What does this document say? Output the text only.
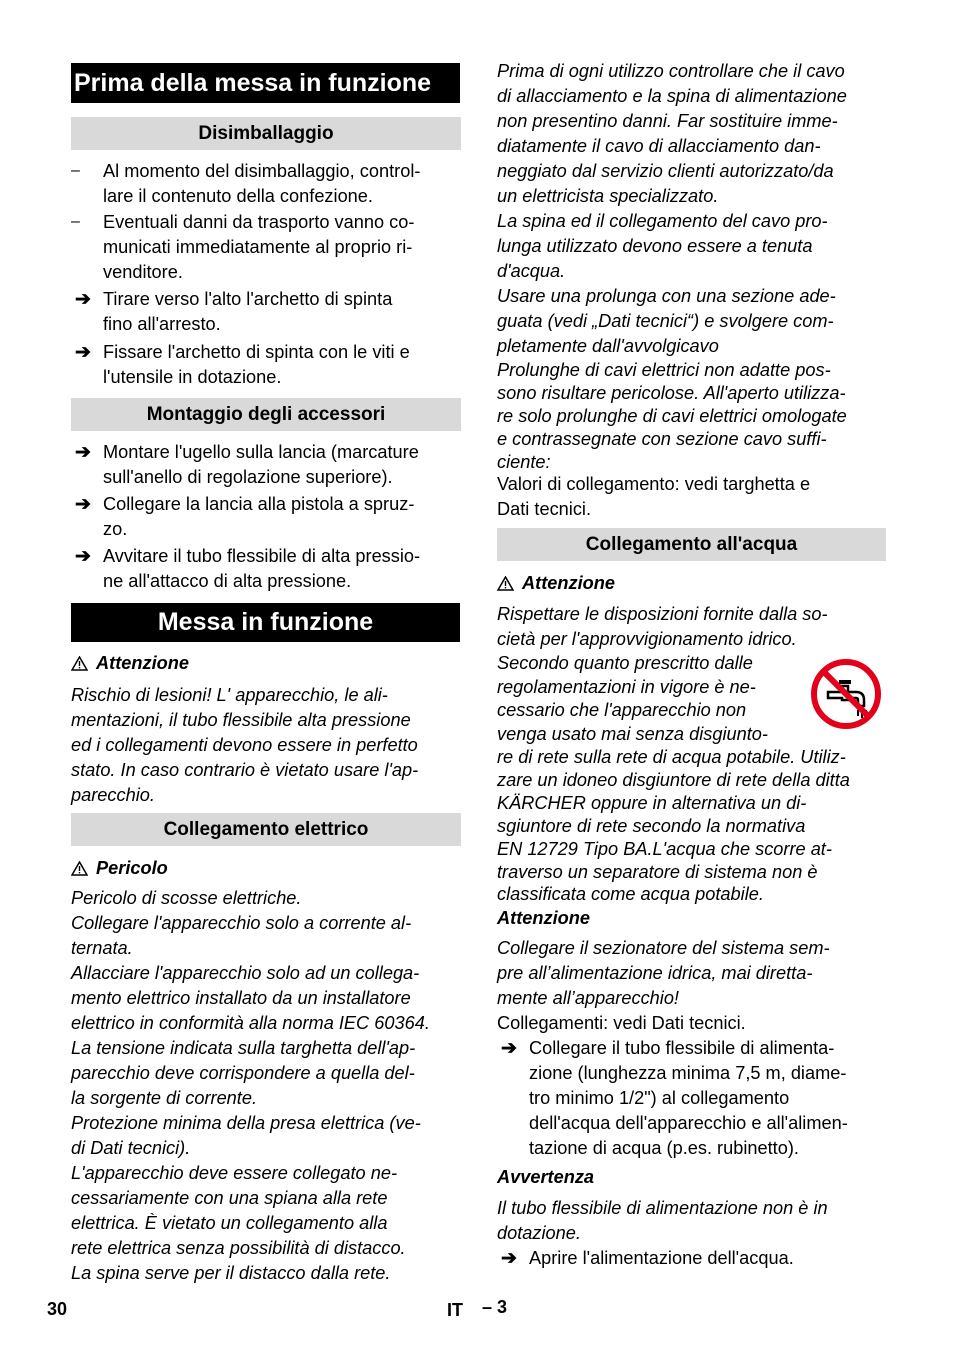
Prima della messa in funzione
Disimballaggio
– Al momento del disimballaggio, control-
lare il contenuto della confezione.

– Eventuali danni da trasporto vanno co-
municati immediatamente al proprio ri-
venditore.

➔ Tirare verso l'alto l'archetto di spinta
fino all'arresto.

➔ Fissare l'archetto di spinta con le viti e
l'utensile in dotazione.

Montaggio degli accessori
➔ Montare l'ugello sulla lancia (marcature
sull'anello di regolazione superiore).

➔ Collegare la lancia alla pistola a spruz-
zo.

➔ Avvitare il tubo flessibile di alta pressio-
ne all'attacco di alta pressione.

Messa in funzione
Attenzione

Rischio di lesioni! L' apparecchio, le ali-
mentazioni, il tubo flessibile alta pressione
ed i collegamenti devono essere in perfetto
stato. In caso contrario è vietato usare l'ap-
parecchio.

Collegamento elettrico
Pericolo

Pericolo di scosse elettriche.
Collegare l'apparecchio solo a corrente al-
ternata.

Allacciare l'apparecchio solo ad un collega-
mento elettrico installato da un installatore
elettrico in conformità alla norma IEC 60364.

La tensione indicata sulla targhetta dell'ap-
parecchio deve corrispondere a quella del-
la sorgente di corrente.
Protezione minima della presa elettrica (ve-
di Dati tecnici).
L'apparecchio deve essere collegato ne-
cessariamente con una spiana alla rete
elettrica. È vietato un collegamento alla
rete elettrica senza possibilità di distacco.
La spina serve per il distacco dalla rete.

Prima di ogni utilizzo controllare che il cavo
di allacciamento e la spina di alimentazione
non presentino danni. Far sostituire imme-
diatamente il cavo di allacciamento dan-
neggiato dal servizio clienti autorizzato/da
un elettricista specializzato.
La spina ed il collegamento del cavo pro-
lunga utilizzato devono essere a tenuta
d'acqua.
Usare una prolunga con una sezione ade-
guata (vedi „Dati tecnici“) e svolgere com-
pletamente dall'avvolgicavo

Prolunghe di cavi elettrici non adatte pos-
sono risultare pericolose. All'aperto utilizza-
re solo prolunghe di cavi elettrici omologate
e contrassegnate con sezione cavo suffi-
ciente:

Valori di collegamento: vedi targhetta e
Dati tecnici.

Collegamento all'acqua
Attenzione

Rispettare le disposizioni fornite dalla so-
cietà per l'approvvigionamento idrico.

Secondo quanto prescritto dalle
regolamentazioni in vigore è ne-
cessario che l'apparecchio non
venga usato mai senza disgiunto-

re di rete sulla rete di acqua potabile. Utiliz-
zare un idoneo disgiuntore di rete della ditta
KÄRCHER oppure in alternativa un di-
sgiuntore di rete secondo la normativa
EN 12729 Tipo BA.L'acqua che scorre at-
traverso un separatore di sistema non è
classificata come acqua potabile.

Attenzione

Collegare il sezionatore del sistema sem-
pre all’alimentazione idrica, mai diretta-
mente all’apparecchio!

Collegamenti: vedi Dati tecnici.

➔ Collegare il tubo flessibile di alimenta-
zione (lunghezza minima 7,5 m, diame-
tro minimo 1/2") al collegamento
dell'acqua dell'apparecchio e all'alimen-
tazione di acqua (p.es. rubinetto).

Avvertenza

Il tubo flessibile di alimentazione non è in
dotazione.

➔ Aprire l'alimentazione dell'acqua.

30	IT – 3
